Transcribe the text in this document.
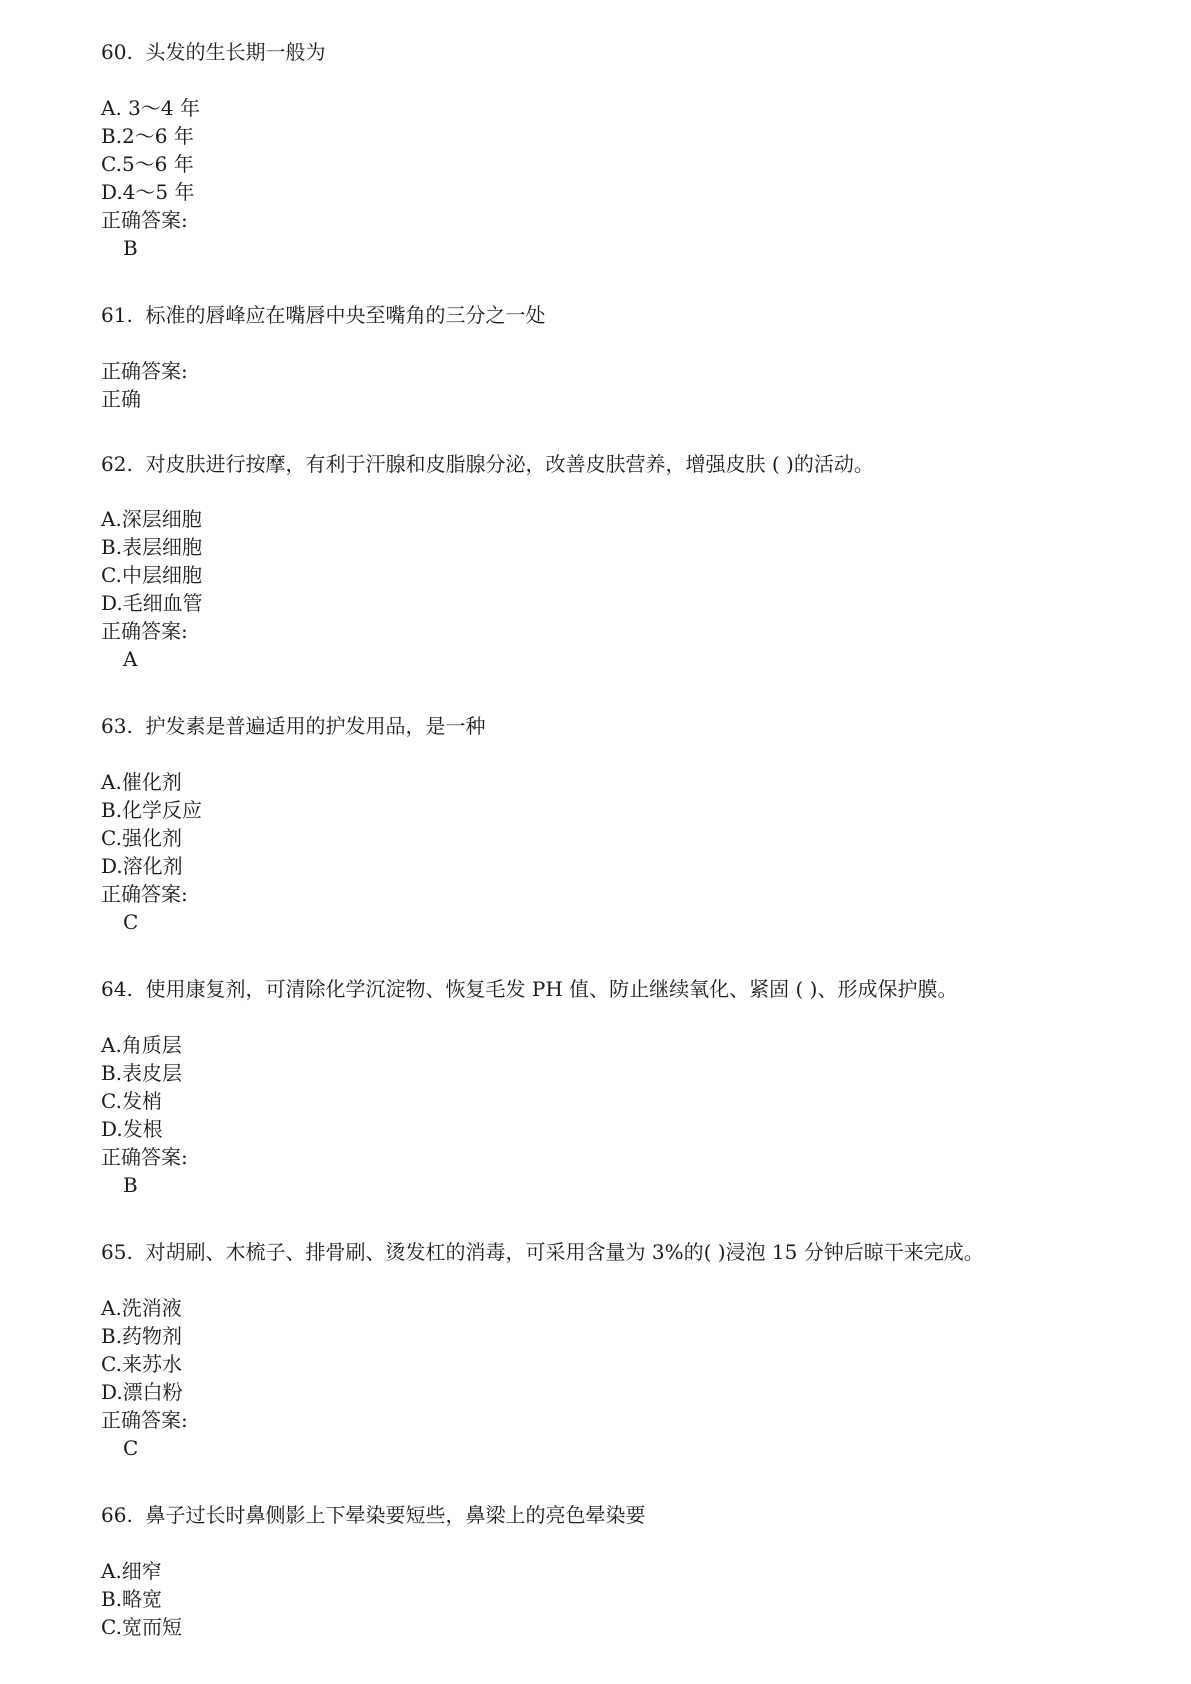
60. 头发的生长期一般为
A. 3～4 年
B.2～6 年
C.5～6 年
D.4～5 年
正确答案:
B
61. 标准的唇峰应在嘴唇中央至嘴角的三分之一处
正确答案:
正确
62. 对皮肤进行按摩，有利于汗腺和皮脂腺分泌，改善皮肤营养，增强皮肤 ( )的活动。
A.深层细胞
B.表层细胞
C.中层细胞
D.毛细血管
正确答案:
A
63. 护发素是普遍适用的护发用品，是一种
A.催化剂
B.化学反应
C.强化剂
D.溶化剂
正确答案:
C
64. 使用康复剂，可清除化学沉淀物、恢复毛发 PH 值、防止继续氧化、紧固 ( )、形成保护膜。
A.角质层
B.表皮层
C.发梢
D.发根
正确答案:
B
65. 对胡刷、木梳子、排骨刷、烫发杠的消毒，可采用含量为 3%的( )浸泡 15 分钟后晾干来完成。
A.洗消液
B.药物剂
C.来苏水
D.漂白粉
正确答案:
C
66. 鼻子过长时鼻侧影上下晕染要短些，鼻梁上的亮色晕染要
A.细窄
B.略宽
C.宽而短
